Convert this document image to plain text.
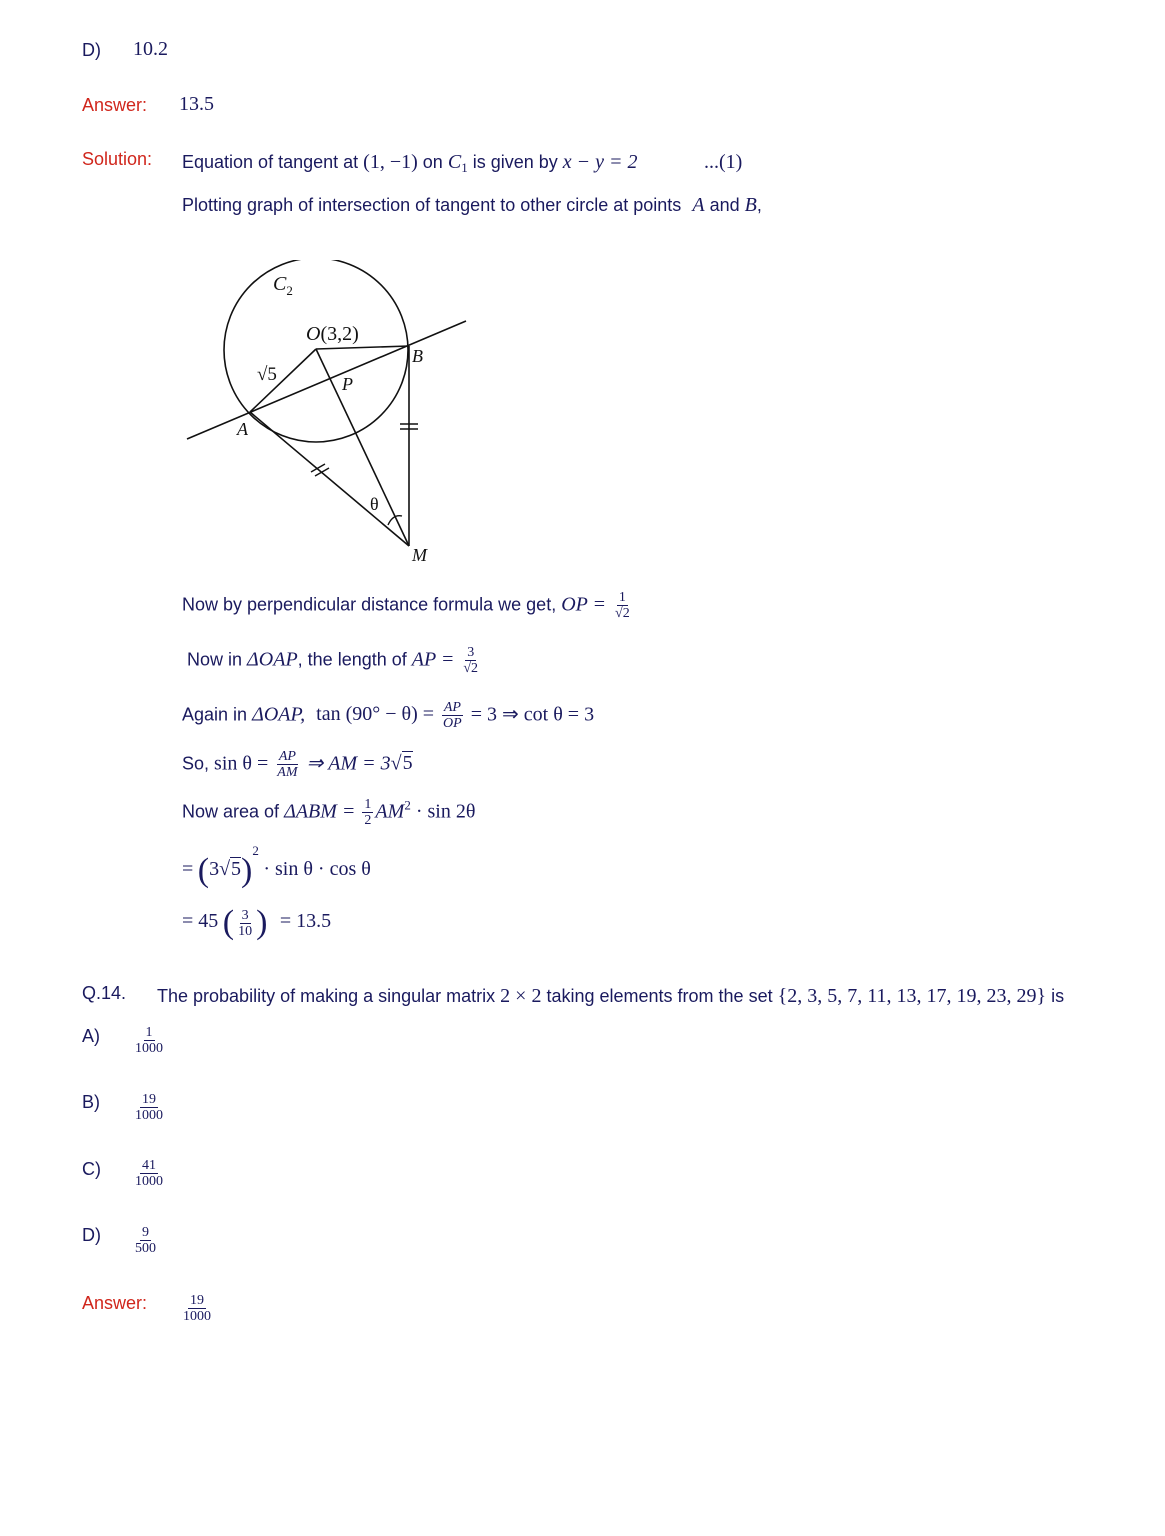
D) 10.2
Answer: 13.5
Solution: Equation of tangent at (1, −1) on $C_1$ is given by x − y = 2	...(1)
Plotting graph of intersection of tangent to other circle at points A and B,
$C_2$
O(3,2)
√5	P
A
B
M
θ
Now by perpendicular distance formula we get, OP = $\frac{1}{√2}$
Now in ΔOAP, the length of AP = $\frac{3}{√2}$
Again in ΔOAP, $\tan (90^\circ - \theta) = \frac{AP}{OP} = 3$ ⇒ cot θ = 3
So, $\sin \theta = \frac{AP}{AM}$ ⇒ AM = 3√5
Now area of $\Delta ABM = \frac{1}{2} AM^2 \cdot \sin 2\theta$
= $(3√5)^2 \cdot \sin \theta \cdot \cos \theta$
= 45 ( $\frac{3}{10}$ ) = 13.5
Q.14. The probability of making a singular matrix 2 × 2 taking elements from the set {2, 3, 5, 7, 11, 13, 17, 19, 23, 29} is
$A) \frac{1}{1000}$
$B) \frac{19}{1000}$
$C) \frac{41}{1000}$
$D) \frac{9}{500}$
Answer: $\frac{19}{1000}$
